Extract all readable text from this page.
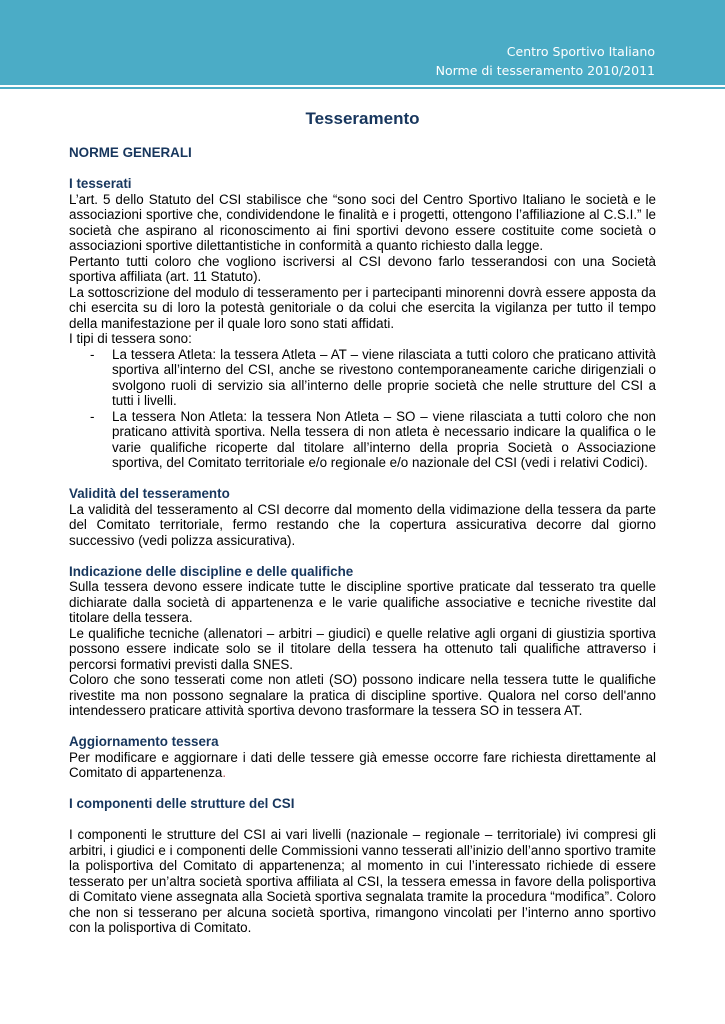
Centro Sportivo Italiano
Norme di tesseramento 2010/2011
Tesseramento

NORME GENERALI

I tesserati

L’art. 5 dello Statuto del CSI stabilisce che “sono soci del Centro Sportivo Italiano le società e le associazioni sportive che, condividendone le finalità e i progetti, ottengono l’affiliazione al C.S.I.” le società che aspirano al riconoscimento ai fini sportivi devono essere costituite come società o associazioni sportive dilettantistiche in conformità a quanto richiesto dalla legge.

Pertanto tutti coloro che vogliono iscriversi al CSI devono farlo tesserandosi con una Società sportiva affiliata (art. 11 Statuto).

La sottoscrizione del modulo di tesseramento per i partecipanti minorenni dovrà essere apposta da chi esercita su di loro la potestà genitoriale o da colui che esercita la vigilanza per tutto il tempo della manifestazione per il quale loro sono stati affidati.

I tipi di tessera sono:

- La tessera Atleta: la tessera Atleta – AT – viene rilasciata a tutti coloro che praticano attività sportiva all’interno del CSI, anche se rivestono contemporaneamente cariche dirigenziali o svolgono ruoli di servizio sia all’interno delle proprie società che nelle strutture del CSI a tutti i livelli.
- La tessera Non Atleta: la tessera Non Atleta – SO – viene rilasciata a tutti coloro che non praticano attività sportiva. Nella tessera di non atleta è necessario indicare la qualifica o le varie qualifiche ricoperte dal titolare all’interno della propria Società o Associazione sportiva, del Comitato territoriale e/o regionale e/o nazionale del CSI (vedi i relativi Codici).

Validità del tesseramento

La validità del tesseramento al CSI decorre dal momento della vidimazione della tessera da parte del Comitato territoriale, fermo restando che la copertura assicurativa decorre dal giorno successivo (vedi polizza assicurativa).

Indicazione delle discipline e delle qualifiche

Sulla tessera devono essere indicate tutte le discipline sportive praticate dal tesserato tra quelle dichiarate dalla società di appartenenza e le varie qualifiche associative e tecniche rivestite dal titolare della tessera.

Le qualifiche tecniche (allenatori – arbitri – giudici) e quelle relative agli organi di giustizia sportiva possono essere indicate solo se il titolare della tessera ha ottenuto tali qualifiche attraverso i percorsi formativi previsti dalla SNES.

Coloro che sono tesserati come non atleti (SO) possono indicare nella tessera tutte le qualifiche rivestite ma non possono segnalare la pratica di discipline sportive. Qualora nel corso dell'anno intendessero praticare attività sportiva devono trasformare la tessera SO in tessera AT.

Aggiornamento tessera

Per modificare e aggiornare i dati delle tessere già emesse occorre fare richiesta direttamente al Comitato di appartenenza.

I componenti delle strutture del CSI

I componenti le strutture del CSI ai vari livelli (nazionale – regionale – territoriale) ivi compresi gli arbitri, i giudici e i componenti delle Commissioni vanno tesserati all’inizio dell’anno sportivo tramite la polisportiva del Comitato di appartenenza; al momento in cui l’interessato richiede di essere tesserato per un’altra società sportiva affiliata al CSI, la tessera emessa in favore della polisportiva di Comitato viene assegnata alla Società sportiva segnalata tramite la procedura “modifica”. Coloro che non si tesserano per alcuna società sportiva, rimangono vincolati per l’interno anno sportivo con la polisportiva di Comitato.
